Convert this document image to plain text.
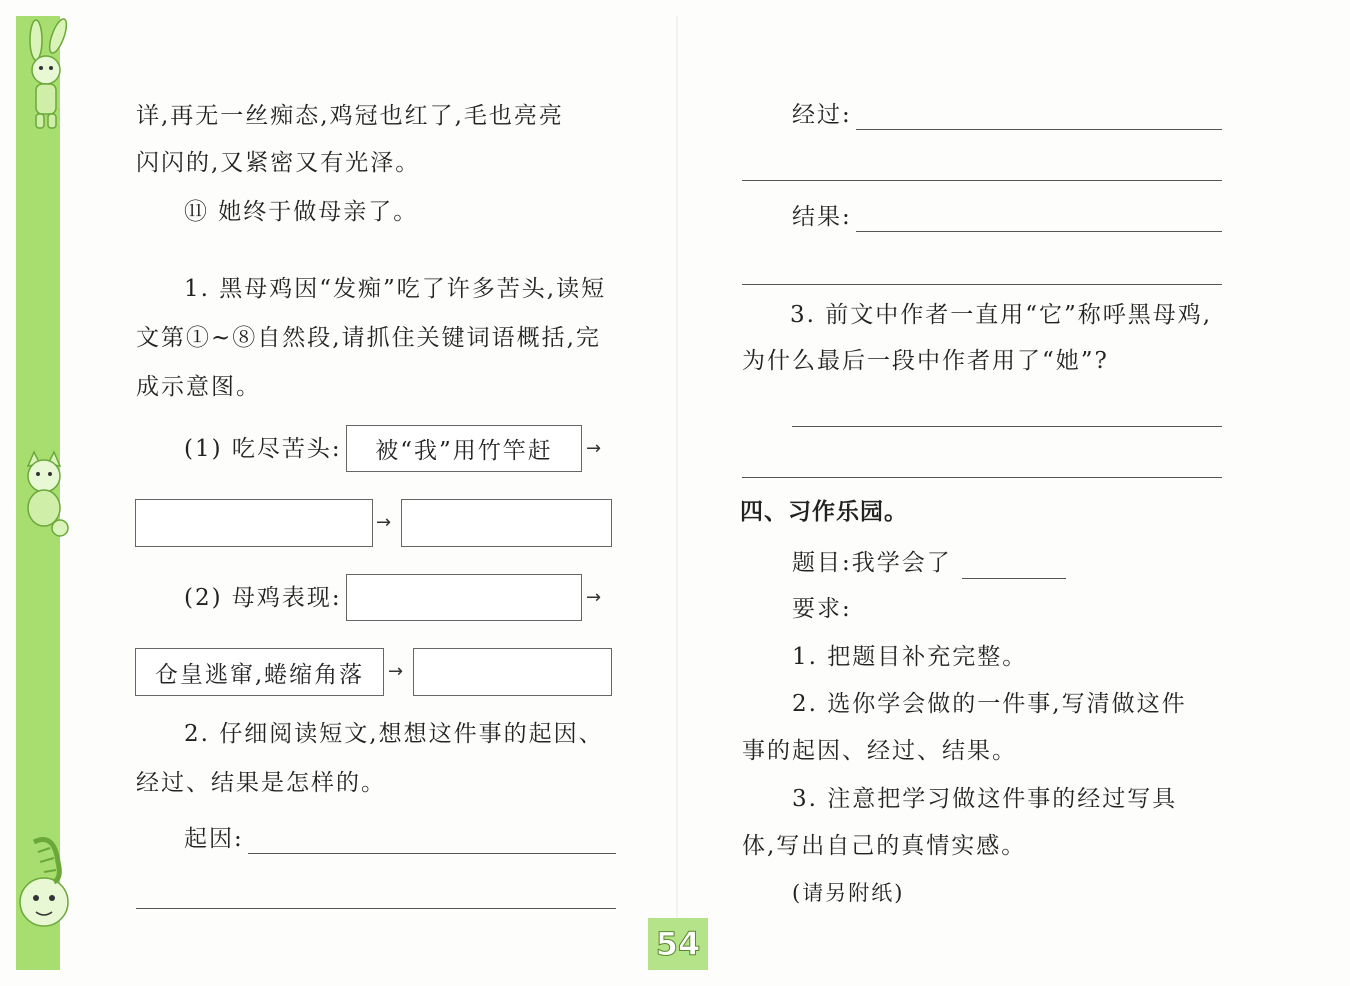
详,再无一丝痴态,鸡冠也红了,毛也亮亮
闪闪的,又紧密又有光泽。
⑪ 她终于做母亲了。
1. 黑母鸡因“发痴”吃了许多苦头,读短
文第①~⑧自然段,请抓住关键词语概括,完
成示意图。
(1) 吃尽苦头:	被“我”用竹竿赶	→
→
(2) 母鸡表现:	→
仓皇逃窜,蜷缩角落	→
2. 仔细阅读短文,想想这件事的起因、
经过、结果是怎样的。
起因:
经过:
结果:
3. 前文中作者一直用“它”称呼黑母鸡,
为什么最后一段中作者用了“她”?
四、习作乐园。
题目:我学会了
要求:
1. 把题目补充完整。
2. 选你学会做的一件事,写清做这件
事的起因、经过、结果。
3. 注意把学习做这件事的经过写具
体,写出自己的真情实感。
(请另附纸)
54
